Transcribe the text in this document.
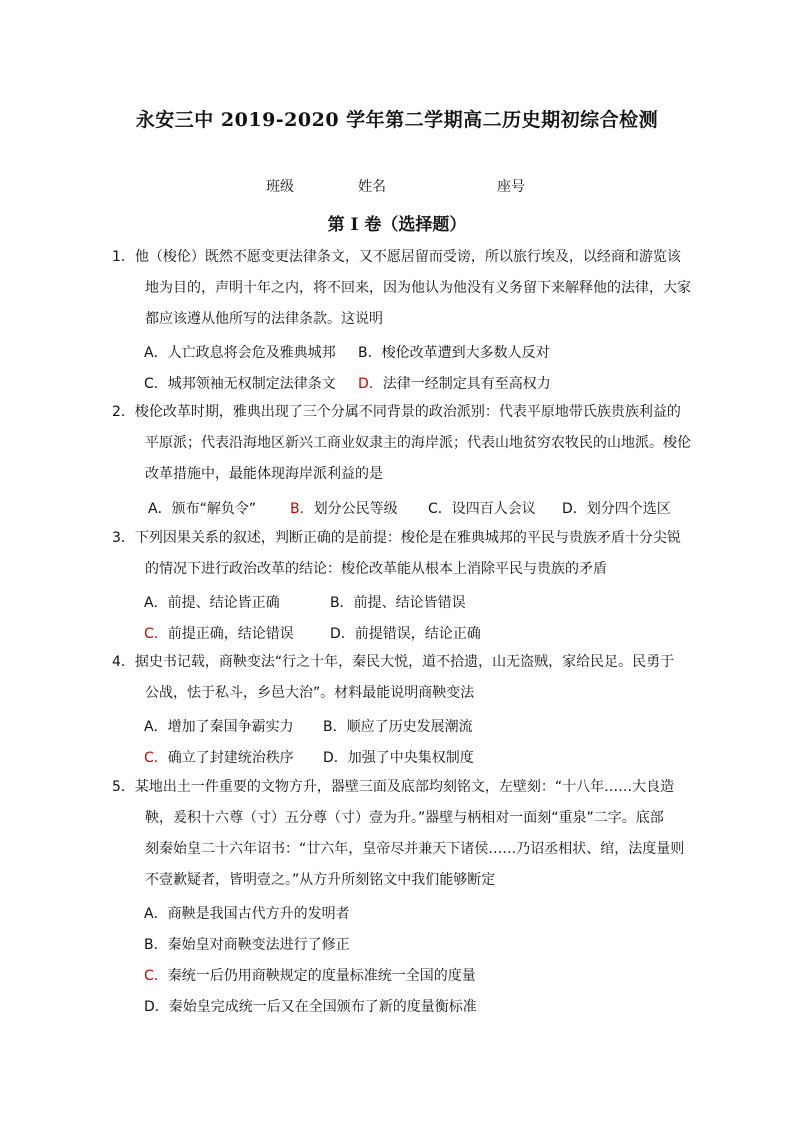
永安三中 2019-2020 学年第二学期高二历史期初综合检测
班级	姓名	座号
第 I 卷（选择题）
1．他（梭伦）既然不愿变更法律条文，又不愿居留而受谤，所以旅行埃及，以经商和游览该
地为目的，声明十年之内，将不回来，因为他认为他没有义务留下来解释他的法律，大家
都应该遵从他所写的法律条款。这说明
A．人亡政息将会危及雅典城邦 B．梭伦改革遭到大多数人反对
C．城邦领袖无权制定法律条文 D．法律一经制定具有至高权力
2．梭伦改革时期，雅典出现了三个分属不同背景的政治派别：代表平原地带氏族贵族利益的
平原派；代表沿海地区新兴工商业奴隶主的海岸派；代表山地贫穷农牧民的山地派。梭伦
改革措施中，最能体现海岸派利益的是
A．颁布“解负令” B．划分公民等级 C．设四百人会议 D．划分四个选区
3．下列因果关系的叙述，判断正确的是前提：梭伦是在雅典城邦的平民与贵族矛盾十分尖锐
的情况下进行政治改革的结论：梭伦改革能从根本上消除平民与贵族的矛盾
A．前提、结论皆正确	B．前提、结论皆错误
C．前提正确，结论错误	D．前提错误，结论正确
4．据史书记载，商鞅变法“行之十年，秦民大悦，道不拾遗，山无盗贼，家给民足。民勇于
公战，怯于私斗，乡邑大治”。材料最能说明商鞅变法
A．增加了秦国争霸实力 B．顺应了历史发展潮流
C．确立了封建统治秩序 D．加强了中央集权制度
5．某地出土一件重要的文物方升，器壁三面及底部均刻铭文，左壁刻：“十八年……大良造
鞅，爰积十六尊（寸）五分尊（寸）壹为升。”器壁与柄相对一面刻“重泉”二字。底部
刻秦始皇二十六年诏书：“廿六年，皇帝尽并兼天下诸侯……乃诏丞相状、绾，法度量则
不壹歉疑者，皆明壹之。”从方升所刻铭文中我们能够断定
A．商鞅是我国古代方升的发明者
B．秦始皇对商鞅变法进行了修正
C．秦统一后仍用商鞅规定的度量标准统一全国的度量
D．秦始皇完成统一后又在全国颁布了新的度量衡标准
